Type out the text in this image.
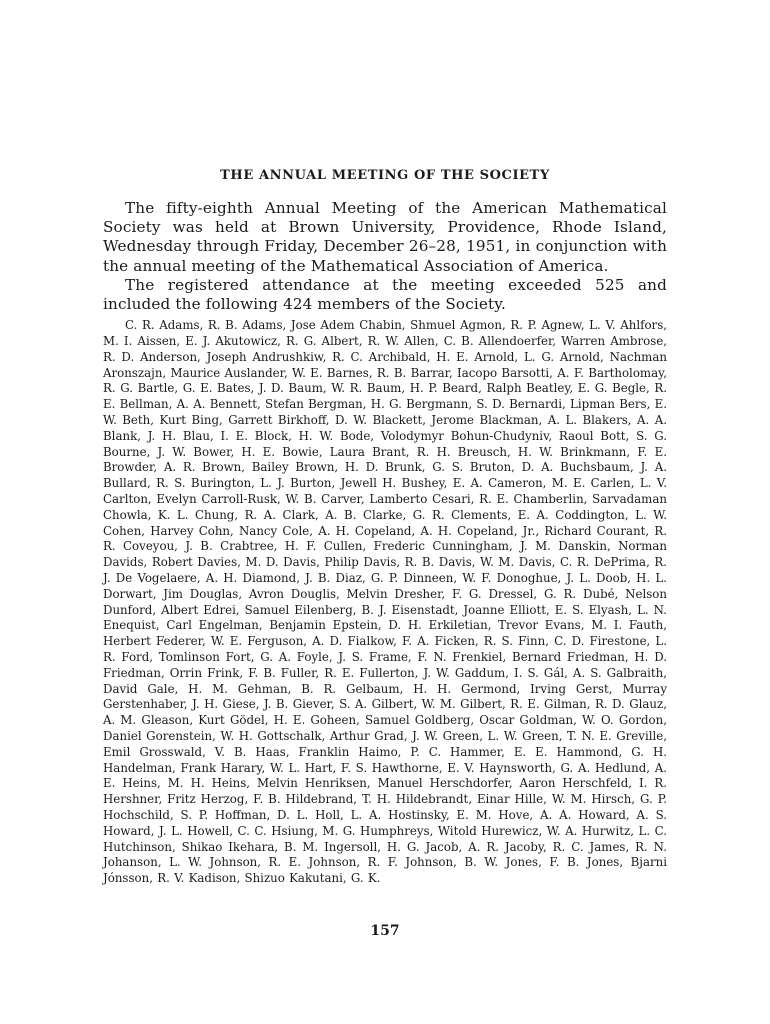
THE ANNUAL MEETING OF THE SOCIETY

The fifty-eighth Annual Meeting of the American Mathematical Society was held at Brown University, Providence, Rhode Island, Wednesday through Friday, December 26–28, 1951, in conjunction with the annual meeting of the Mathematical Association of America.

The registered attendance at the meeting exceeded 525 and included the following 424 members of the Society.

C. R. Adams, R. B. Adams, Jose Adem Chabin, Shmuel Agmon, R. P. Agnew, L. V. Ahlfors, M. I. Aissen, E. J. Akutowicz, R. G. Albert, R. W. Allen, C. B. Allendoerfer, Warren Ambrose, R. D. Anderson, Joseph Andrushkiw, R. C. Archibald, H. E. Arnold, L. G. Arnold, Nachman Aronszajn, Maurice Auslander, W. E. Barnes, R. B. Barrar, Iacopo Barsotti, A. F. Bartholomay, R. G. Bartle, G. E. Bates, J. D. Baum, W. R. Baum, H. P. Beard, Ralph Beatley, E. G. Begle, R. E. Bellman, A. A. Bennett, Stefan Bergman, H. G. Bergmann, S. D. Bernardi, Lipman Bers, E. W. Beth, Kurt Bing, Garrett Birkhoff, D. W. Blackett, Jerome Blackman, A. L. Blakers, A. A. Blank, J. H. Blau, I. E. Block, H. W. Bode, Volodymyr Bohun-Chudyniv, Raoul Bott, S. G. Bourne, J. W. Bower, H. E. Bowie, Laura Brant, R. H. Breusch, H. W. Brinkmann, F. E. Browder, A. R. Brown, Bailey Brown, H. D. Brunk, G. S. Bruton, D. A. Buchsbaum, J. A. Bullard, R. S. Burington, L. J. Burton, Jewell H. Bushey, E. A. Cameron, M. E. Carlen, L. V. Carlton, Evelyn Carroll-Rusk, W. B. Carver, Lamberto Cesari, R. E. Chamberlin, Sarvadaman Chowla, K. L. Chung, R. A. Clark, A. B. Clarke, G. R. Clements, E. A. Coddington, L. W. Cohen, Harvey Cohn, Nancy Cole, A. H. Copeland, A. H. Copeland, Jr., Richard Courant, R. R. Coveyou, J. B. Crabtree, H. F. Cullen, Frederic Cunningham, J. M. Danskin, Norman Davids, Robert Davies, M. D. Davis, Philip Davis, R. B. Davis, W. M. Davis, C. R. DePrima, R. J. De Vogelaere, A. H. Diamond, J. B. Diaz, G. P. Dinneen, W. F. Donoghue, J. L. Doob, H. L. Dorwart, Jim Douglas, Avron Douglis, Melvin Dresher, F. G. Dressel, G. R. Dubé, Nelson Dunford, Albert Edrei, Samuel Eilenberg, B. J. Eisenstadt, Joanne Elliott, E. S. Elyash, L. N. Enequist, Carl Engelman, Benjamin Epstein, D. H. Erkiletian, Trevor Evans, M. I. Fauth, Herbert Federer, W. E. Ferguson, A. D. Fialkow, F. A. Ficken, R. S. Finn, C. D. Firestone, L. R. Ford, Tomlinson Fort, G. A. Foyle, J. S. Frame, F. N. Frenkiel, Bernard Friedman, H. D. Friedman, Orrin Frink, F. B. Fuller, R. E. Fullerton, J. W. Gaddum, I. S. Gál, A. S. Galbraith, David Gale, H. M. Gehman, B. R. Gelbaum, H. H. Germond, Irving Gerst, Murray Gerstenhaber, J. H. Giese, J. B. Giever, S. A. Gilbert, W. M. Gilbert, R. E. Gilman, R. D. Glauz, A. M. Gleason, Kurt Gödel, H. E. Goheen, Samuel Goldberg, Oscar Goldman, W. O. Gordon, Daniel Gorenstein, W. H. Gottschalk, Arthur Grad, J. W. Green, L. W. Green, T. N. E. Greville, Emil Grosswald, V. B. Haas, Franklin Haimo, P. C. Hammer, E. E. Hammond, G. H. Handelman, Frank Harary, W. L. Hart, F. S. Hawthorne, E. V. Haynsworth, G. A. Hedlund, A. E. Heins, M. H. Heins, Melvin Henriksen, Manuel Herschdorfer, Aaron Herschfeld, I. R. Hershner, Fritz Herzog, F. B. Hildebrand, T. H. Hildebrandt, Einar Hille, W. M. Hirsch, G. P. Hochschild, S. P. Hoffman, D. L. Holl, L. A. Hostinsky, E. M. Hove, A. A. Howard, A. S. Howard, J. L. Howell, C. C. Hsiung, M. G. Humphreys, Witold Hurewicz, W. A. Hurwitz, L. C. Hutchinson, Shikao Ikehara, B. M. Ingersoll, H. G. Jacob, A. R. Jacoby, R. C. James, R. N. Johanson, L. W. Johnson, R. E. Johnson, R. F. Johnson, B. W. Jones, F. B. Jones, Bjarni Jónsson, R. V. Kadison, Shizuo Kakutani, G. K.

157
